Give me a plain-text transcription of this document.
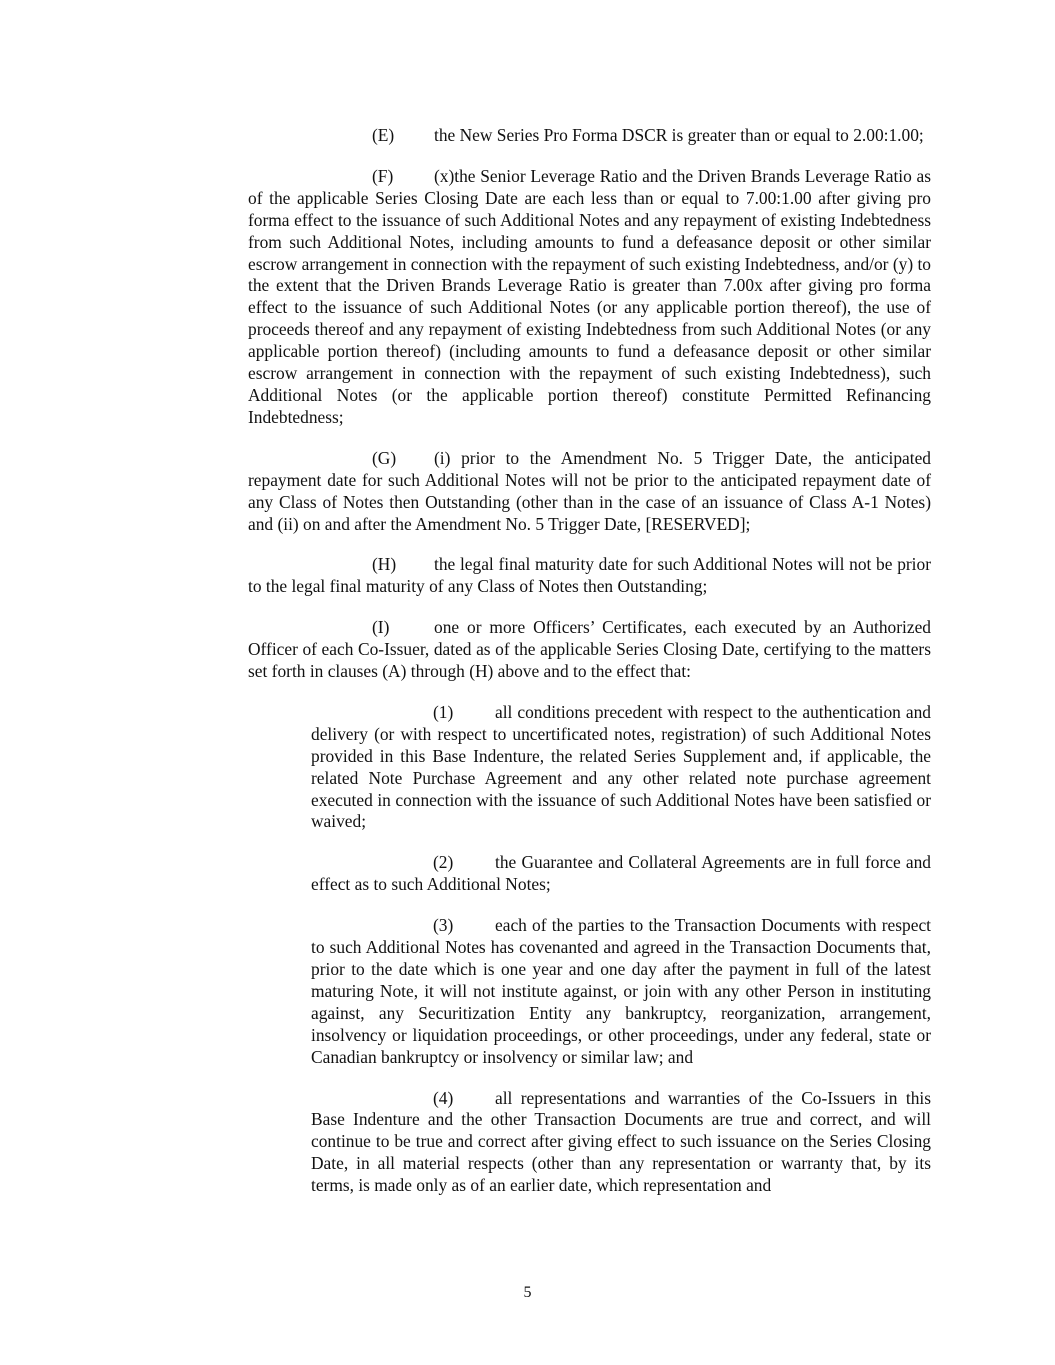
(E) the New Series Pro Forma DSCR is greater than or equal to 2.00:1.00;

(F) (x)the Senior Leverage Ratio and the Driven Brands Leverage Ratio as of the applicable Series Closing Date are each less than or equal to 7.00:1.00 after giving pro forma effect to the issuance of such Additional Notes and any repayment of existing Indebtedness from such Additional Notes, including amounts to fund a defeasance deposit or other similar escrow arrangement in connection with the repayment of such existing Indebtedness, and/or (y) to the extent that the Driven Brands Leverage Ratio is greater than 7.00x after giving pro forma effect to the issuance of such Additional Notes (or any applicable portion thereof), the use of proceeds thereof and any repayment of existing Indebtedness from such Additional Notes (or any applicable portion thereof) (including amounts to fund a defeasance deposit or other similar escrow arrangement in connection with the repayment of such existing Indebtedness), such Additional Notes (or the applicable portion thereof) constitute Permitted Refinancing Indebtedness;

(G) (i) prior to the Amendment No. 5 Trigger Date, the anticipated repayment date for such Additional Notes will not be prior to the anticipated repayment date of any Class of Notes then Outstanding (other than in the case of an issuance of Class A-1 Notes) and (ii) on and after the Amendment No. 5 Trigger Date, [RESERVED];

(H) the legal final maturity date for such Additional Notes will not be prior to the legal final maturity of any Class of Notes then Outstanding;

(I)	one or more Officers’ Certificates, each executed by an Authorized Officer of each Co-Issuer, dated as of the applicable Series Closing Date, certifying to the matters set forth in clauses (A) through (H) above and to the effect that:

(1) all conditions precedent with respect to the authentication and delivery (or with respect to uncertificated notes, registration) of such Additional Notes provided in this Base Indenture, the related Series Supplement and, if applicable, the related Note Purchase Agreement and any other related note purchase agreement executed in connection with the issuance of such Additional Notes have been satisfied or waived;

(2) the Guarantee and Collateral Agreements are in full force and effect as to such Additional Notes;

(3) each of the parties to the Transaction Documents with respect to such Additional Notes has covenanted and agreed in the Transaction Documents that, prior to the date which is one year and one day after the payment in full of the latest maturing Note, it will not institute against, or join with any other Person in instituting against, any Securitization Entity any bankruptcy, reorganization, arrangement, insolvency or liquidation proceedings, or other proceedings, under any federal, state or Canadian bankruptcy or insolvency or similar law; and

(4) all representations and warranties of the Co-Issuers in this Base Indenture and the other Transaction Documents are true and correct, and will continue to be true and correct after giving effect to such issuance on the Series Closing Date, in all material respects (other than any representation or warranty that, by its terms, is made only as of an earlier date, which representation and

5
